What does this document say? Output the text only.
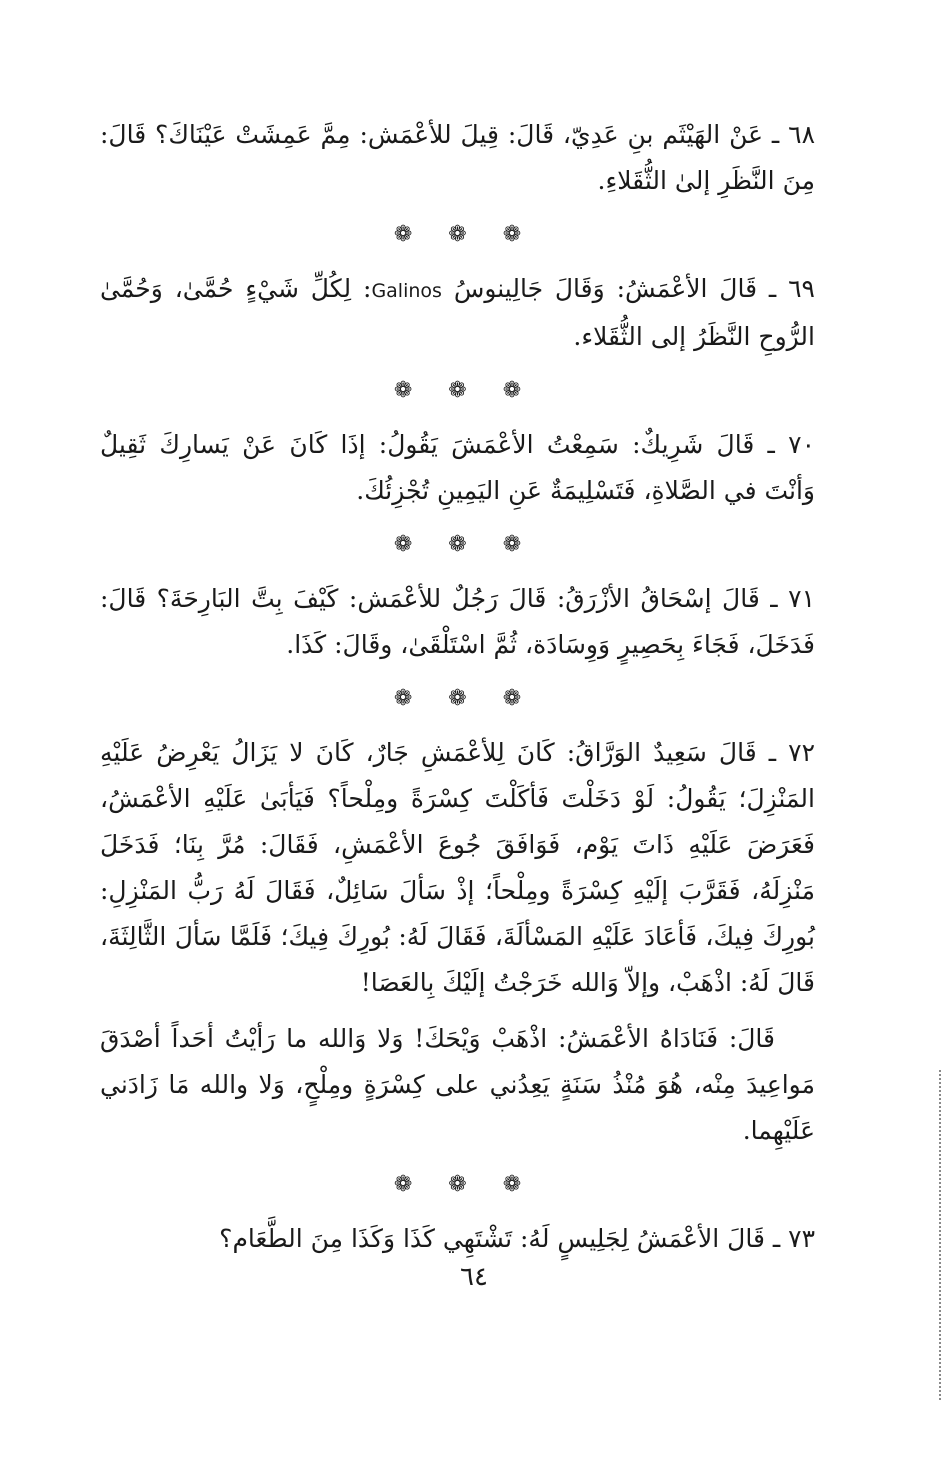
٦٨ ـ عَنْ الهَيْثَم بنِ عَدِيّ، قَالَ: قِيلَ للأعْمَش: مِمَّ عَمِشَتْ عَيْنَاكَ؟ قَالَ: مِنَ النَّظَرِ إلىٰ الثُّقَلاءِ.

❁ ❁ ❁

٦٩ ـ قَالَ الأعْمَشُ: وَقَالَ جَالِينوسُ Galinos: لِكُلِّ شَيْءٍ حُمَّىٰ، وَحُمَّىٰ الرُّوحِ النَّظَرُ إلى الثُّقَلاء.

❁ ❁ ❁

٧٠ ـ قَالَ شَرِيكٌ: سَمِعْتُ الأعْمَشَ يَقُولُ: إذَا كَانَ عَنْ يَسارِكَ ثَقِيلٌ وَأنْتَ في الصَّلاةِ، فَتَسْلِيمَةٌ عَنِ اليَمِينِ تُجْزِئُكَ.

❁ ❁ ❁

٧١ ـ قَالَ إسْحَاقُ الأزْرَقُ: قَالَ رَجُلٌ للأعْمَش: كَيْفَ بِتَّ البَارِحَةَ؟ قَالَ: فَدَخَلَ، فَجَاءَ بِحَصِيرٍ وَوِسَادَة، ثُمَّ اسْتَلْقَىٰ، وقَالَ: كَذَا.

❁ ❁ ❁

٧٢ ـ قَالَ سَعِيدٌ الوَرَّاقُ: كَانَ لِلأعْمَشِ جَارٌ، كَانَ لا يَزَالُ يَعْرِضُ عَلَيْهِ المَنْزِلَ؛ يَقُولُ: لَوْ دَخَلْتَ فَأكَلْتَ كِسْرَةً ومِلْحاً؟ فَيَأبَىٰ عَلَيْهِ الأعْمَشُ، فَعَرَضَ عَلَيْهِ ذَاتَ يَوْم، فَوَافَقَ جُوعَ الأعْمَشِ، فَقَالَ: مُرَّ بِنَا؛ فَدَخَلَ مَنْزِلَهُ، فَقَرَّبَ إلَيْهِ كِسْرَةً ومِلْحاً؛ إذْ سَألَ سَائِلٌ، فَقَالَ لَهُ رَبُّ المَنْزِلِ: بُورِكَ فِيكَ، فَأعَادَ عَلَيْهِ المَسْألَةَ، فَقَالَ لَهُ: بُورِكَ فِيكَ؛ فَلَمَّا سَألَ الثَّالِثَةَ، قَالَ لَهُ: اذْهَبْ، وإلاّ وَالله خَرَجْتُ إلَيْكَ بِالعَصَا!

قَالَ: فَنَادَاهُ الأعْمَشُ: اذْهَبْ وَيْحَكَ! وَلا وَالله ما رَأيْتُ أحَداً أصْدَقَ مَواعِيدَ مِنْه، هُوَ مُنْذُ سَنَةٍ يَعِدُني على كِسْرَةٍ ومِلْحٍ، وَلا والله مَا زَادَني عَلَيْهِما.

❁ ❁ ❁

٧٣ ـ قَالَ الأعْمَشُ لِجَلِيسٍ لَهُ: تَشْتَهِي كَذَا وَكَذَا مِنَ الطَّعَام؟

٦٤
